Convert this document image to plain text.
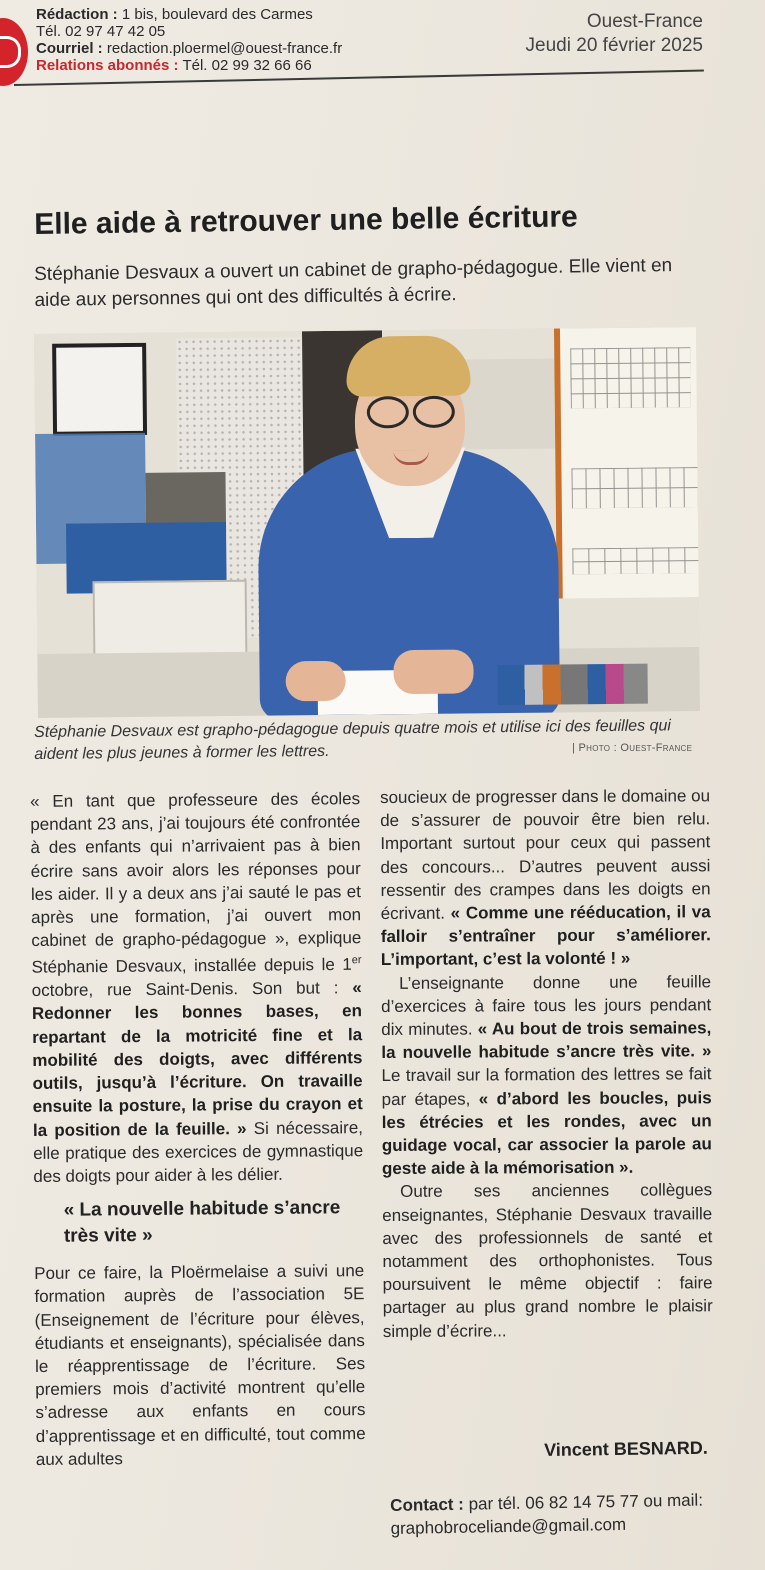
Rédaction : 1 bis, boulevard des Carmes
Tél. 02 97 47 42 05
Courriel : redaction.ploermel@ouest-france.fr
Relations abonnés : Tél. 02 99 32 66 66
Ouest-France
Jeudi 20 février 2025
Elle aide à retrouver une belle écriture
Stéphanie Desvaux a ouvert un cabinet de grapho-pédagogue. Elle vient en aide aux personnes qui ont des difficultés à écrire.
Stéphanie Desvaux est grapho-pédagogue depuis quatre mois et utilise ici des feuilles qui aident les plus jeunes à former les lettres.	| Photo : Ouest-France

« En tant que professeure des écoles pendant 23 ans, j’ai toujours été confrontée à des enfants qui n’arrivaient pas à bien écrire sans avoir alors les réponses pour les aider. Il y a deux ans j’ai sauté le pas et après une formation, j’ai ouvert mon cabinet de grapho-pédagogue », explique Stéphanie Desvaux, installée depuis le 1er octobre, rue Saint-Denis. Son but : « Redonner les bonnes bases, en repartant de la motricité fine et la mobilité des doigts, avec différents outils, jusqu’à l’écriture. On travaille ensuite la posture, la prise du crayon et la position de la feuille. » Si nécessaire, elle pratique des exercices de gymnastique des doigts pour aider à les délier.

« La nouvelle habitude s’ancre très vite »

Pour ce faire, la Ploërmelaise a suivi une formation auprès de l’association 5E (Enseignement de l’écriture pour élèves, étudiants et enseignants), spécialisée dans le réapprentissage de l’écriture. Ses premiers mois d’activité montrent qu’elle s’adresse aux enfants en cours d’apprentissage et en difficulté, tout comme aux adultes

soucieux de progresser dans le domaine ou de s’assurer de pouvoir être bien relu. Important surtout pour ceux qui passent des concours... D’autres peuvent aussi ressentir des crampes dans les doigts en écrivant. « Comme une rééducation, il va falloir s’entraîner pour s’améliorer. L’important, c’est la volonté ! »

L’enseignante donne une feuille d’exercices à faire tous les jours pendant dix minutes. « Au bout de trois semaines, la nouvelle habitude s’ancre très vite. » Le travail sur la formation des lettres se fait par étapes, « d’abord les boucles, puis les étrécies et les rondes, avec un guidage vocal, car associer la parole au geste aide à la mémorisation ».

Outre ses anciennes collègues enseignantes, Stéphanie Desvaux travaille avec des professionnels de santé et notamment des orthophonistes. Tous poursuivent le même objectif : faire partager au plus grand nombre le plaisir simple d’écrire...

Vincent BESNARD.
Contact : par tél. 06 82 14 75 77 ou mail: graphobroceliande@gmail.com
